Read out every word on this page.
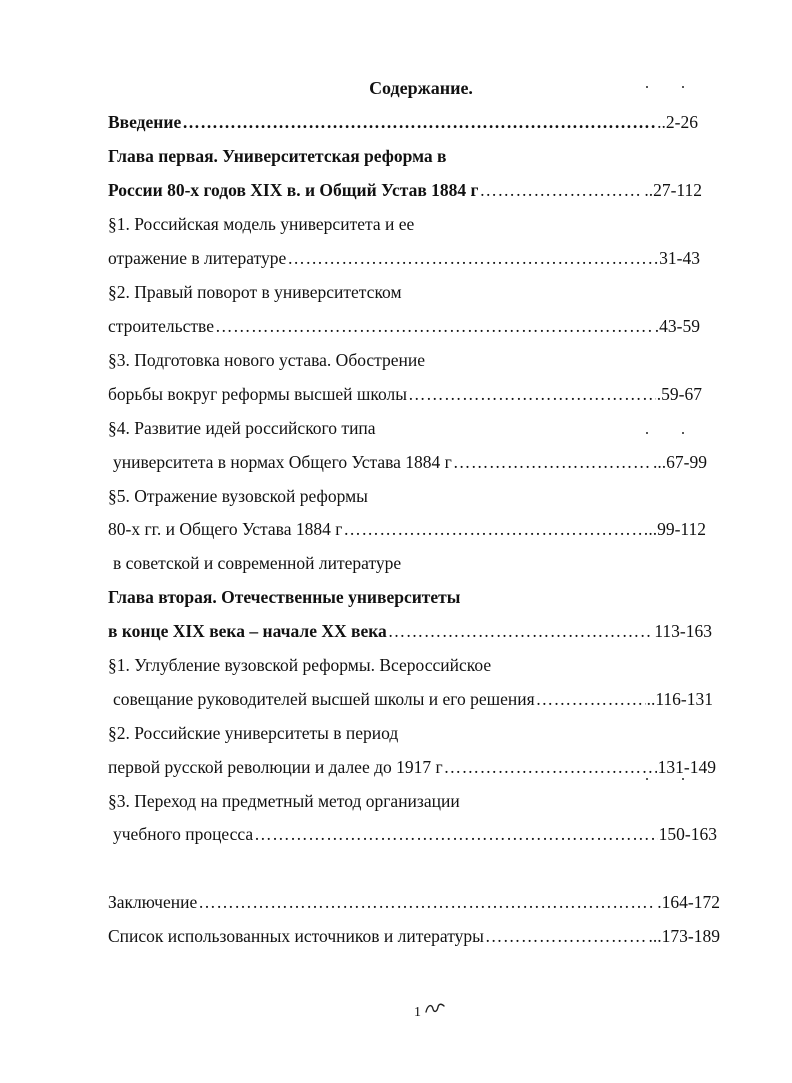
Содержание.
Введение …………………………………………………………………………………………………………………………	..2-26
Глава первая. Университетская реформа в
России 80-х годов XIX в. и Общий Устав 1884 г …………………………………………………………………………………………………………………………	..27-112
§1. Российская модель университета и ее
отражение в литературе …………………………………………………………………………………………………………………………	31-43
§2. Правый поворот в университетском
строительстве …………………………………………………………………………………………………………………………	.43-59
§3. Подготовка нового устава. Обострение
борьбы вокруг реформы высшей школы …………………………………………………………………………………………………………………………	.59-67
§4. Развитие идей российского типа
университета в нормах Общего Устава 1884 г …………………………………………………………………………………………………………………………	...67-99
§5. Отражение вузовской реформы
80-х гг. и Общего Устава 1884 г …………………………………………………………………………………………………………………………	..99-112
в советской и современной литературе
Глава вторая. Отечественные университеты
в конце XIX века – начале XX века …………………………………………………………………………………………………………………………	113-163
§1. Углубление вузовской реформы. Всероссийское
совещание руководителей высшей школы и его решения …………………………………………………………………………………………………………………………	..116-131
§2. Российские университеты в период
первой русской революции и далее до 1917 г …………………………………………………………………………………………………………………………	131-149
§3. Переход на предметный метод организации
учебного процесса …………………………………………………………………………………………………………………………	150-163
Заключение …………………………………………………………………………………………………………………………	.164-172
Список использованных источников и литературы …………………………………………………………………………………………………………………………	...173-189
1
